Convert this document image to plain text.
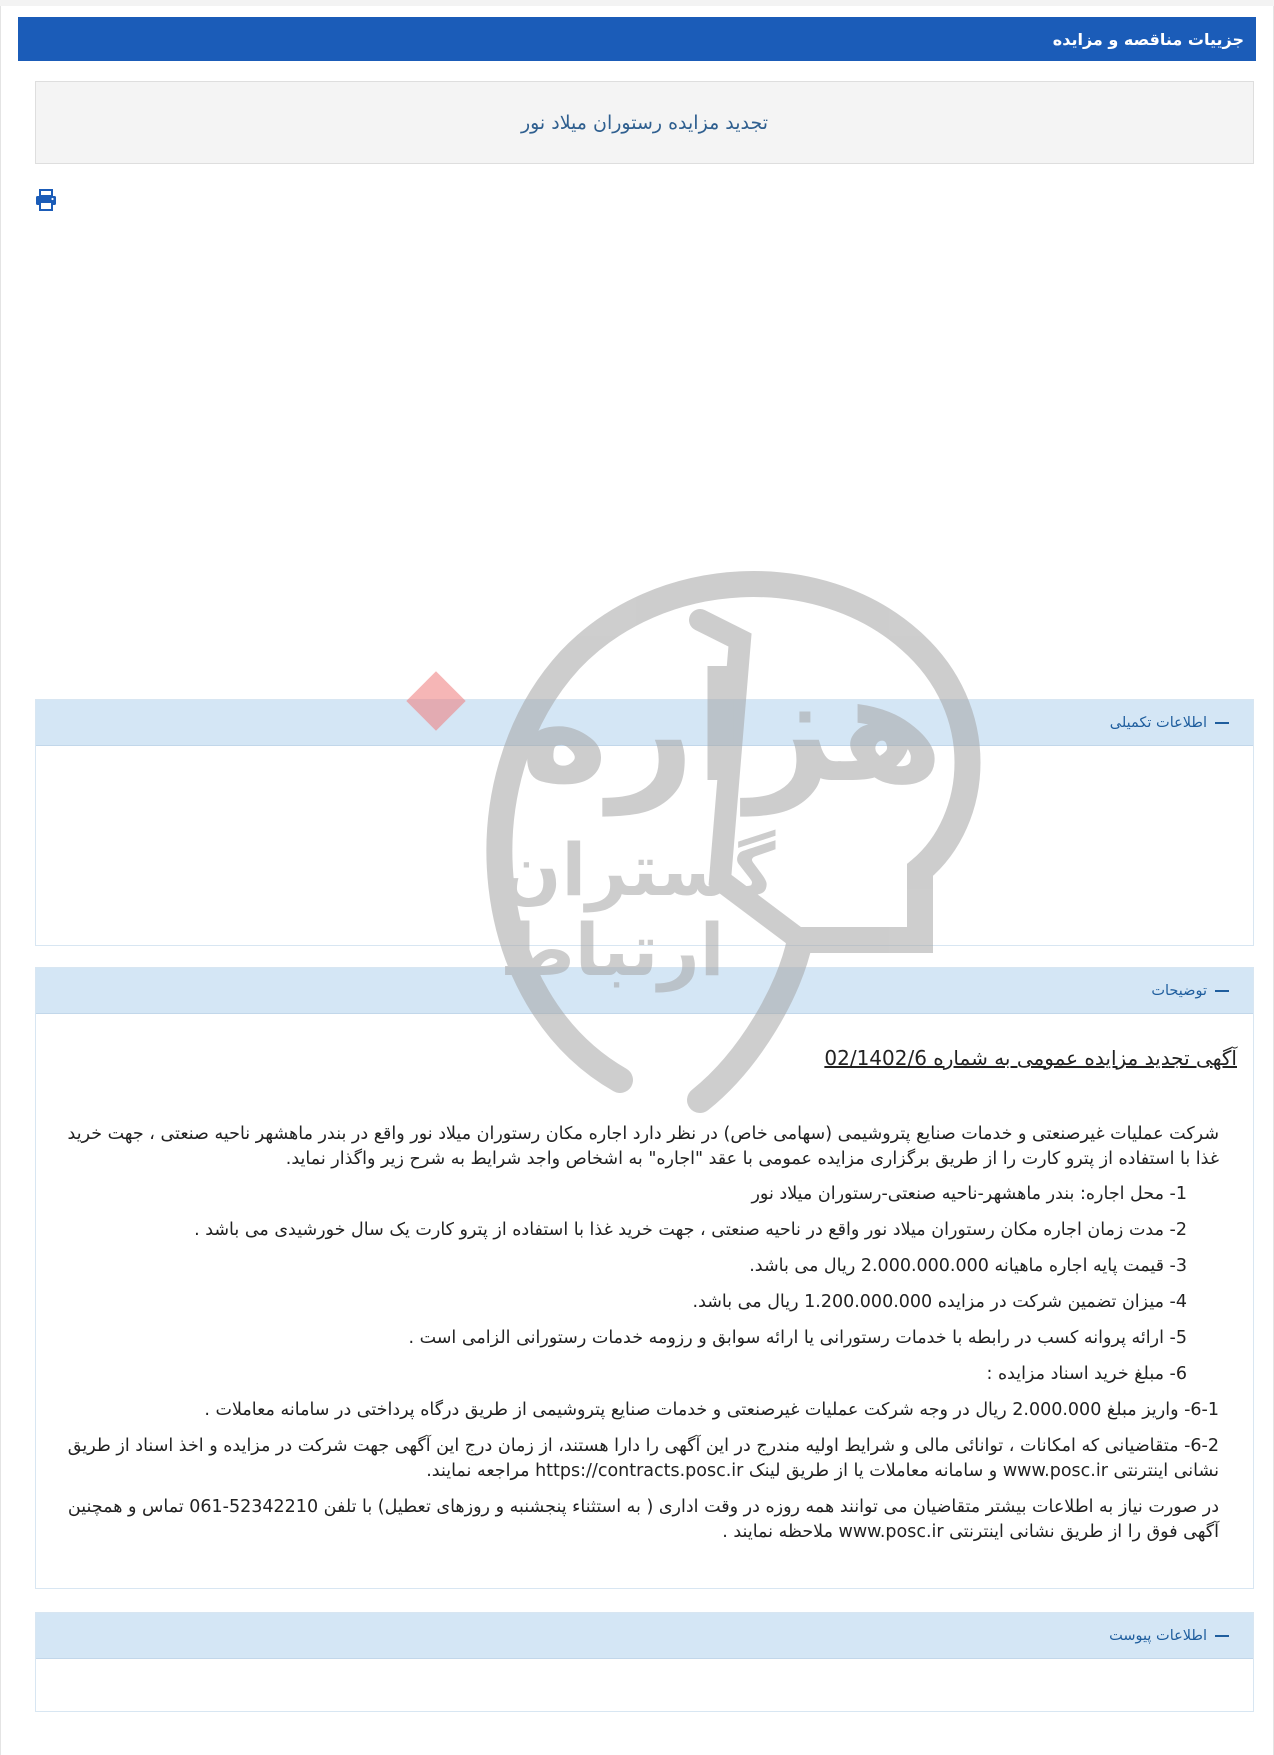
جزییات مناقصه و مزایده
تجدید مزایده رستوران میلاد نور
اطلاعات تکمیلی
توضیحات
آگهی تجدید مزایده عمومی به شماره 02/1402/6

شرکت عملیات غیرصنعتی و خدمات صنایع پتروشیمی (سهامی خاص) در نظر دارد اجاره مکان رستوران میلاد نور واقع در بندر ماهشهر ناحیه صنعتی ، جهت خرید غذا با استفاده از پترو کارت را از طریق برگزاری مزایده عمومی با عقد "اجاره" به اشخاص واجد شرایط به شرح زیر واگذار نماید.

1- محل اجاره: بندر ماهشهر-ناحیه صنعتی-رستوران میلاد نور

2- مدت زمان اجاره مکان رستوران میلاد نور واقع در ناحیه صنعتی ، جهت خرید غذا با استفاده از پترو کارت یک سال خورشیدی می باشد .

3- قیمت پایه اجاره ماهیانه 2.000.000.000 ریال می باشد.

4- میزان تضمین شرکت در مزایده 1.200.000.000 ریال می باشد.

5- ارائه پروانه کسب در رابطه با خدمات رستورانی یا ارائه سوابق و رزومه خدمات رستورانی الزامی است .

6- مبلغ خرید اسناد مزایده :

6-1- واریز مبلغ 2.000.000 ریال در وجه شرکت عملیات غیرصنعتی و خدمات صنایع پتروشیمی از طریق درگاه پرداختی در سامانه معاملات .

6-2- متقاضیانی که امکانات ، توانائی مالی و شرایط اولیه مندرج در این آگهی را دارا هستند، از زمان درج این آگهی جهت شرکت در مزایده و اخذ اسناد از طریق نشانی اینترنتی www.posc.ir و سامانه معاملات یا از طریق لینک https://contracts.posc.ir مراجعه نمایند.

در صورت نیاز به اطلاعات بیشتر متقاضیان می توانند همه روزه در وقت اداری ( به استثناء پنجشنبه و روزهای تعطیل) با تلفن 52342210-061 تماس و همچنین آگهی فوق را از طریق نشانی اینترنتی www.posc.ir ملاحظه نمایند .

اطلاعات پیوست
هزاره
گستران
ارتباط
